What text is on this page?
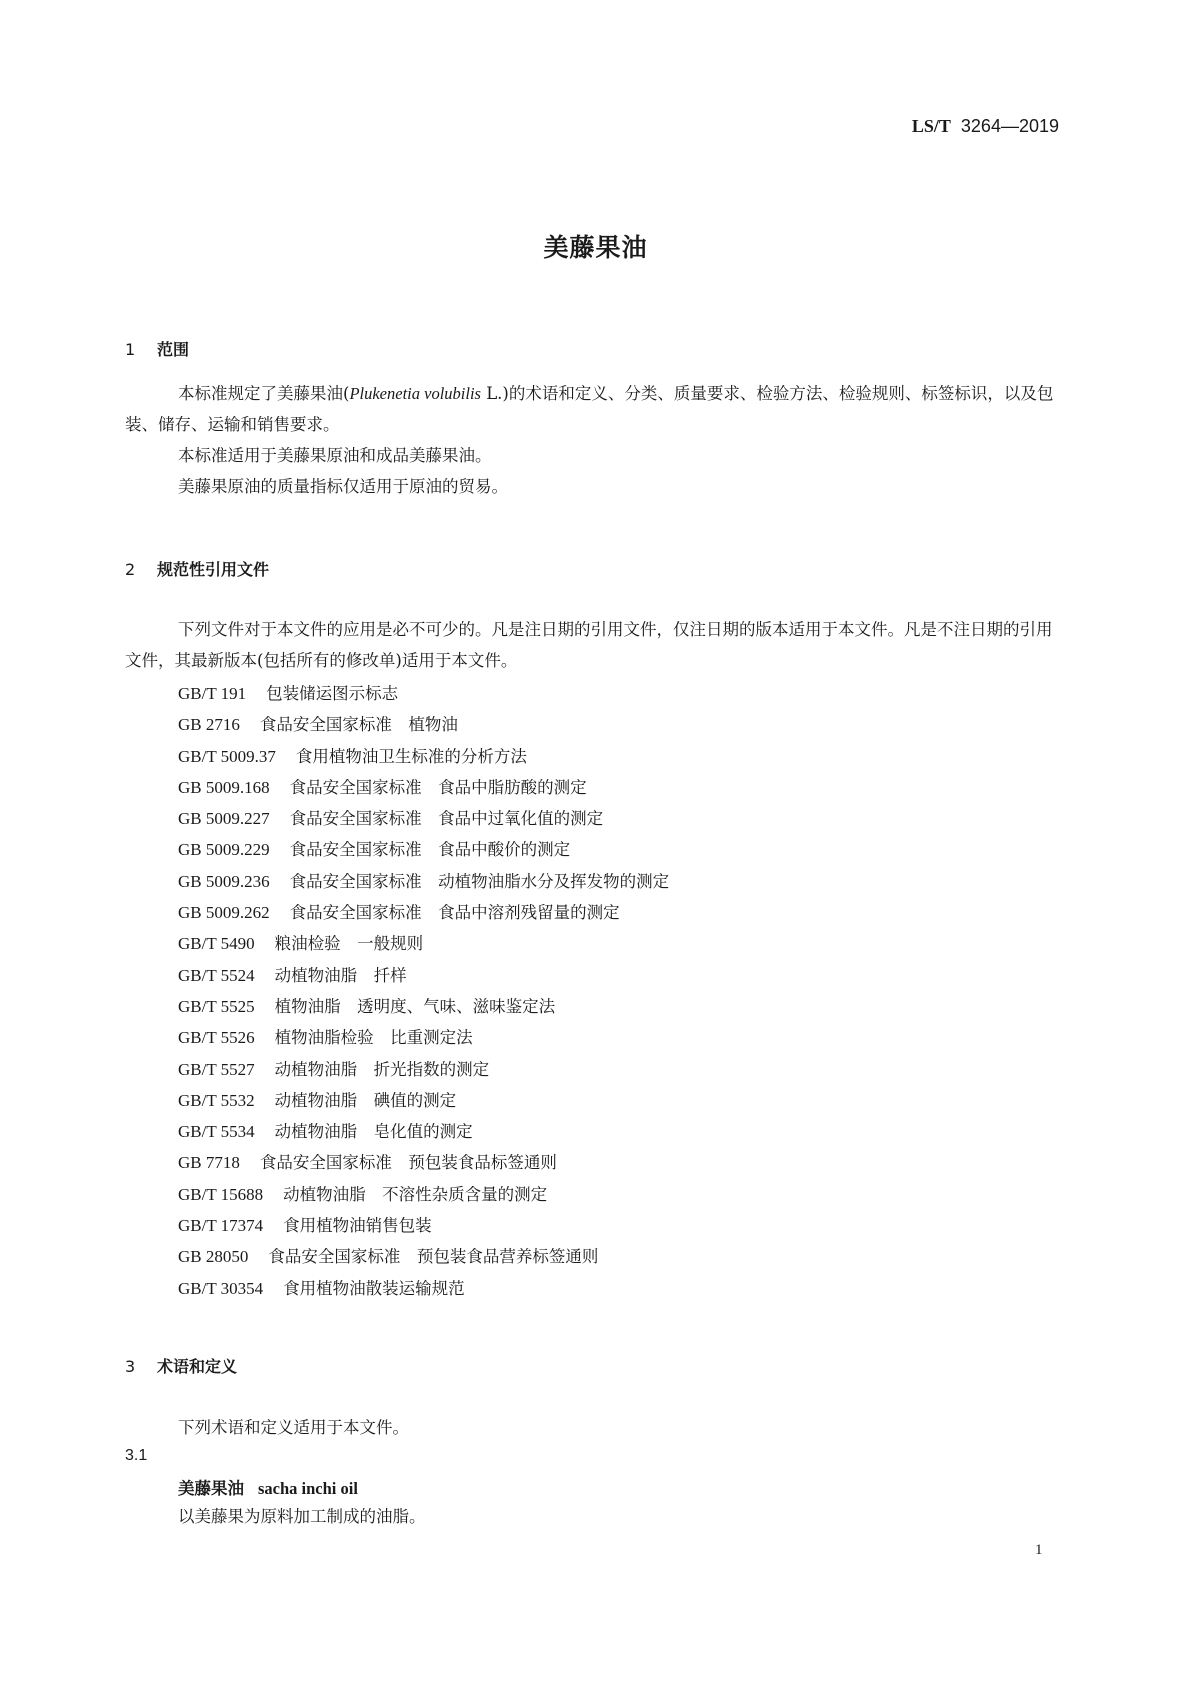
LS/T 3264—2019
美藤果油
1 范围
本标准规定了美藤果油(Plukenetia volubilis L.)的术语和定义、分类、质量要求、检验方法、检验规则、标签标识，以及包装、储存、运输和销售要求。
本标准适用于美藤果原油和成品美藤果油。
美藤果原油的质量指标仅适用于原油的贸易。
2 规范性引用文件
下列文件对于本文件的应用是必不可少的。凡是注日期的引用文件，仅注日期的版本适用于本文件。凡是不注日期的引用文件，其最新版本(包括所有的修改单)适用于本文件。
GB/T 191 包装储运图示标志
GB 2716 食品安全国家标准　植物油
GB/T 5009.37 食用植物油卫生标准的分析方法
GB 5009.168 食品安全国家标准　食品中脂肪酸的测定
GB 5009.227 食品安全国家标准　食品中过氧化值的测定
GB 5009.229 食品安全国家标准　食品中酸价的测定
GB 5009.236 食品安全国家标准　动植物油脂水分及挥发物的测定
GB 5009.262 食品安全国家标准　食品中溶剂残留量的测定
GB/T 5490 粮油检验　一般规则
GB/T 5524 动植物油脂　扦样
GB/T 5525 植物油脂　透明度、气味、滋味鉴定法
GB/T 5526 植物油脂检验　比重测定法
GB/T 5527 动植物油脂　折光指数的测定
GB/T 5532 动植物油脂　碘值的测定
GB/T 5534 动植物油脂　皂化值的测定
GB 7718 食品安全国家标准　预包装食品标签通则
GB/T 15688 动植物油脂　不溶性杂质含量的测定
GB/T 17374 食用植物油销售包装
GB 28050 食品安全国家标准　预包装食品营养标签通则
GB/T 30354 食用植物油散装运输规范
3 术语和定义
下列术语和定义适用于本文件。
3.1
美藤果油 sacha inchi oil
以美藤果为原料加工制成的油脂。
1
